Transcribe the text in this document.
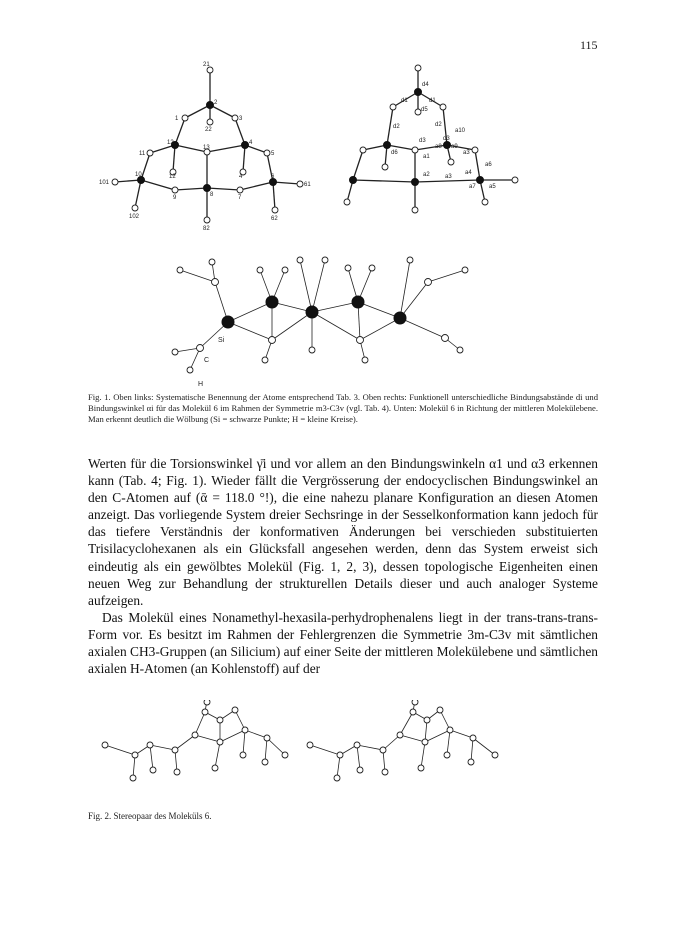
115
21
2
1	3
22
13
11
12	4
5
101
10
9	8	7
6
61
102
82
62
12	4
d4
d1	d1
d5
d2	d2
a10
d3	d3
d6
a1
a8 a9
a3
a6
a2	a3
a4
a7 a5
Si
C
H

Fig. 1. Oben links: Systematische Benennung der Atome entsprechend Tab. 3. Oben rechts: Funktionell unterschiedliche Bindungsabstände di und Bindungswinkel αi für das Molekül 6 im Rahmen der Symmetrie m3-C3v (vgl. Tab. 4). Unten: Molekül 6 in Richtung der mittleren Molekülebene. Man erkennt deutlich die Wölbung (Si = schwarze Punkte; H = kleine Kreise).

Werten für die Torsionswinkel γ̄i und vor allem an den Bindungswinkeln α1 und α3 erkennen kann (Tab. 4; Fig. 1). Wieder fällt die Vergrösserung der endocyclischen Bindungswinkel an den C-Atomen auf (ᾱ = 118.0 °!), die eine nahezu planare Konfiguration an diesen Atomen anzeigt. Das vorliegende System dreier Sechsringe in der Sesselkonformation kann jedoch für das tiefere Verständnis der konformativen Änderungen bei verschieden substituierten Trisilacyclohexanen als ein Glücksfall angesehen werden, denn das System erweist sich eindeutig als ein gewölbtes Molekül (Fig. 1, 2, 3), dessen topologische Eigenheiten einen neuen Weg zur Behandlung der strukturellen Details dieser und auch analoger Systeme aufzeigen.

Das Molekül eines Nonamethyl-hexasila-perhydrophenalens liegt in der trans-trans-trans-Form vor. Es besitzt im Rahmen der Fehlergrenzen die Symmetrie 3m-C3v mit sämtlichen axialen CH3-Gruppen (an Silicium) auf einer Seite der mittleren Molekülebene und sämtlichen axialen H-Atomen (an Kohlenstoff) auf der

Fig. 2. Stereopaar des Moleküls 6.
